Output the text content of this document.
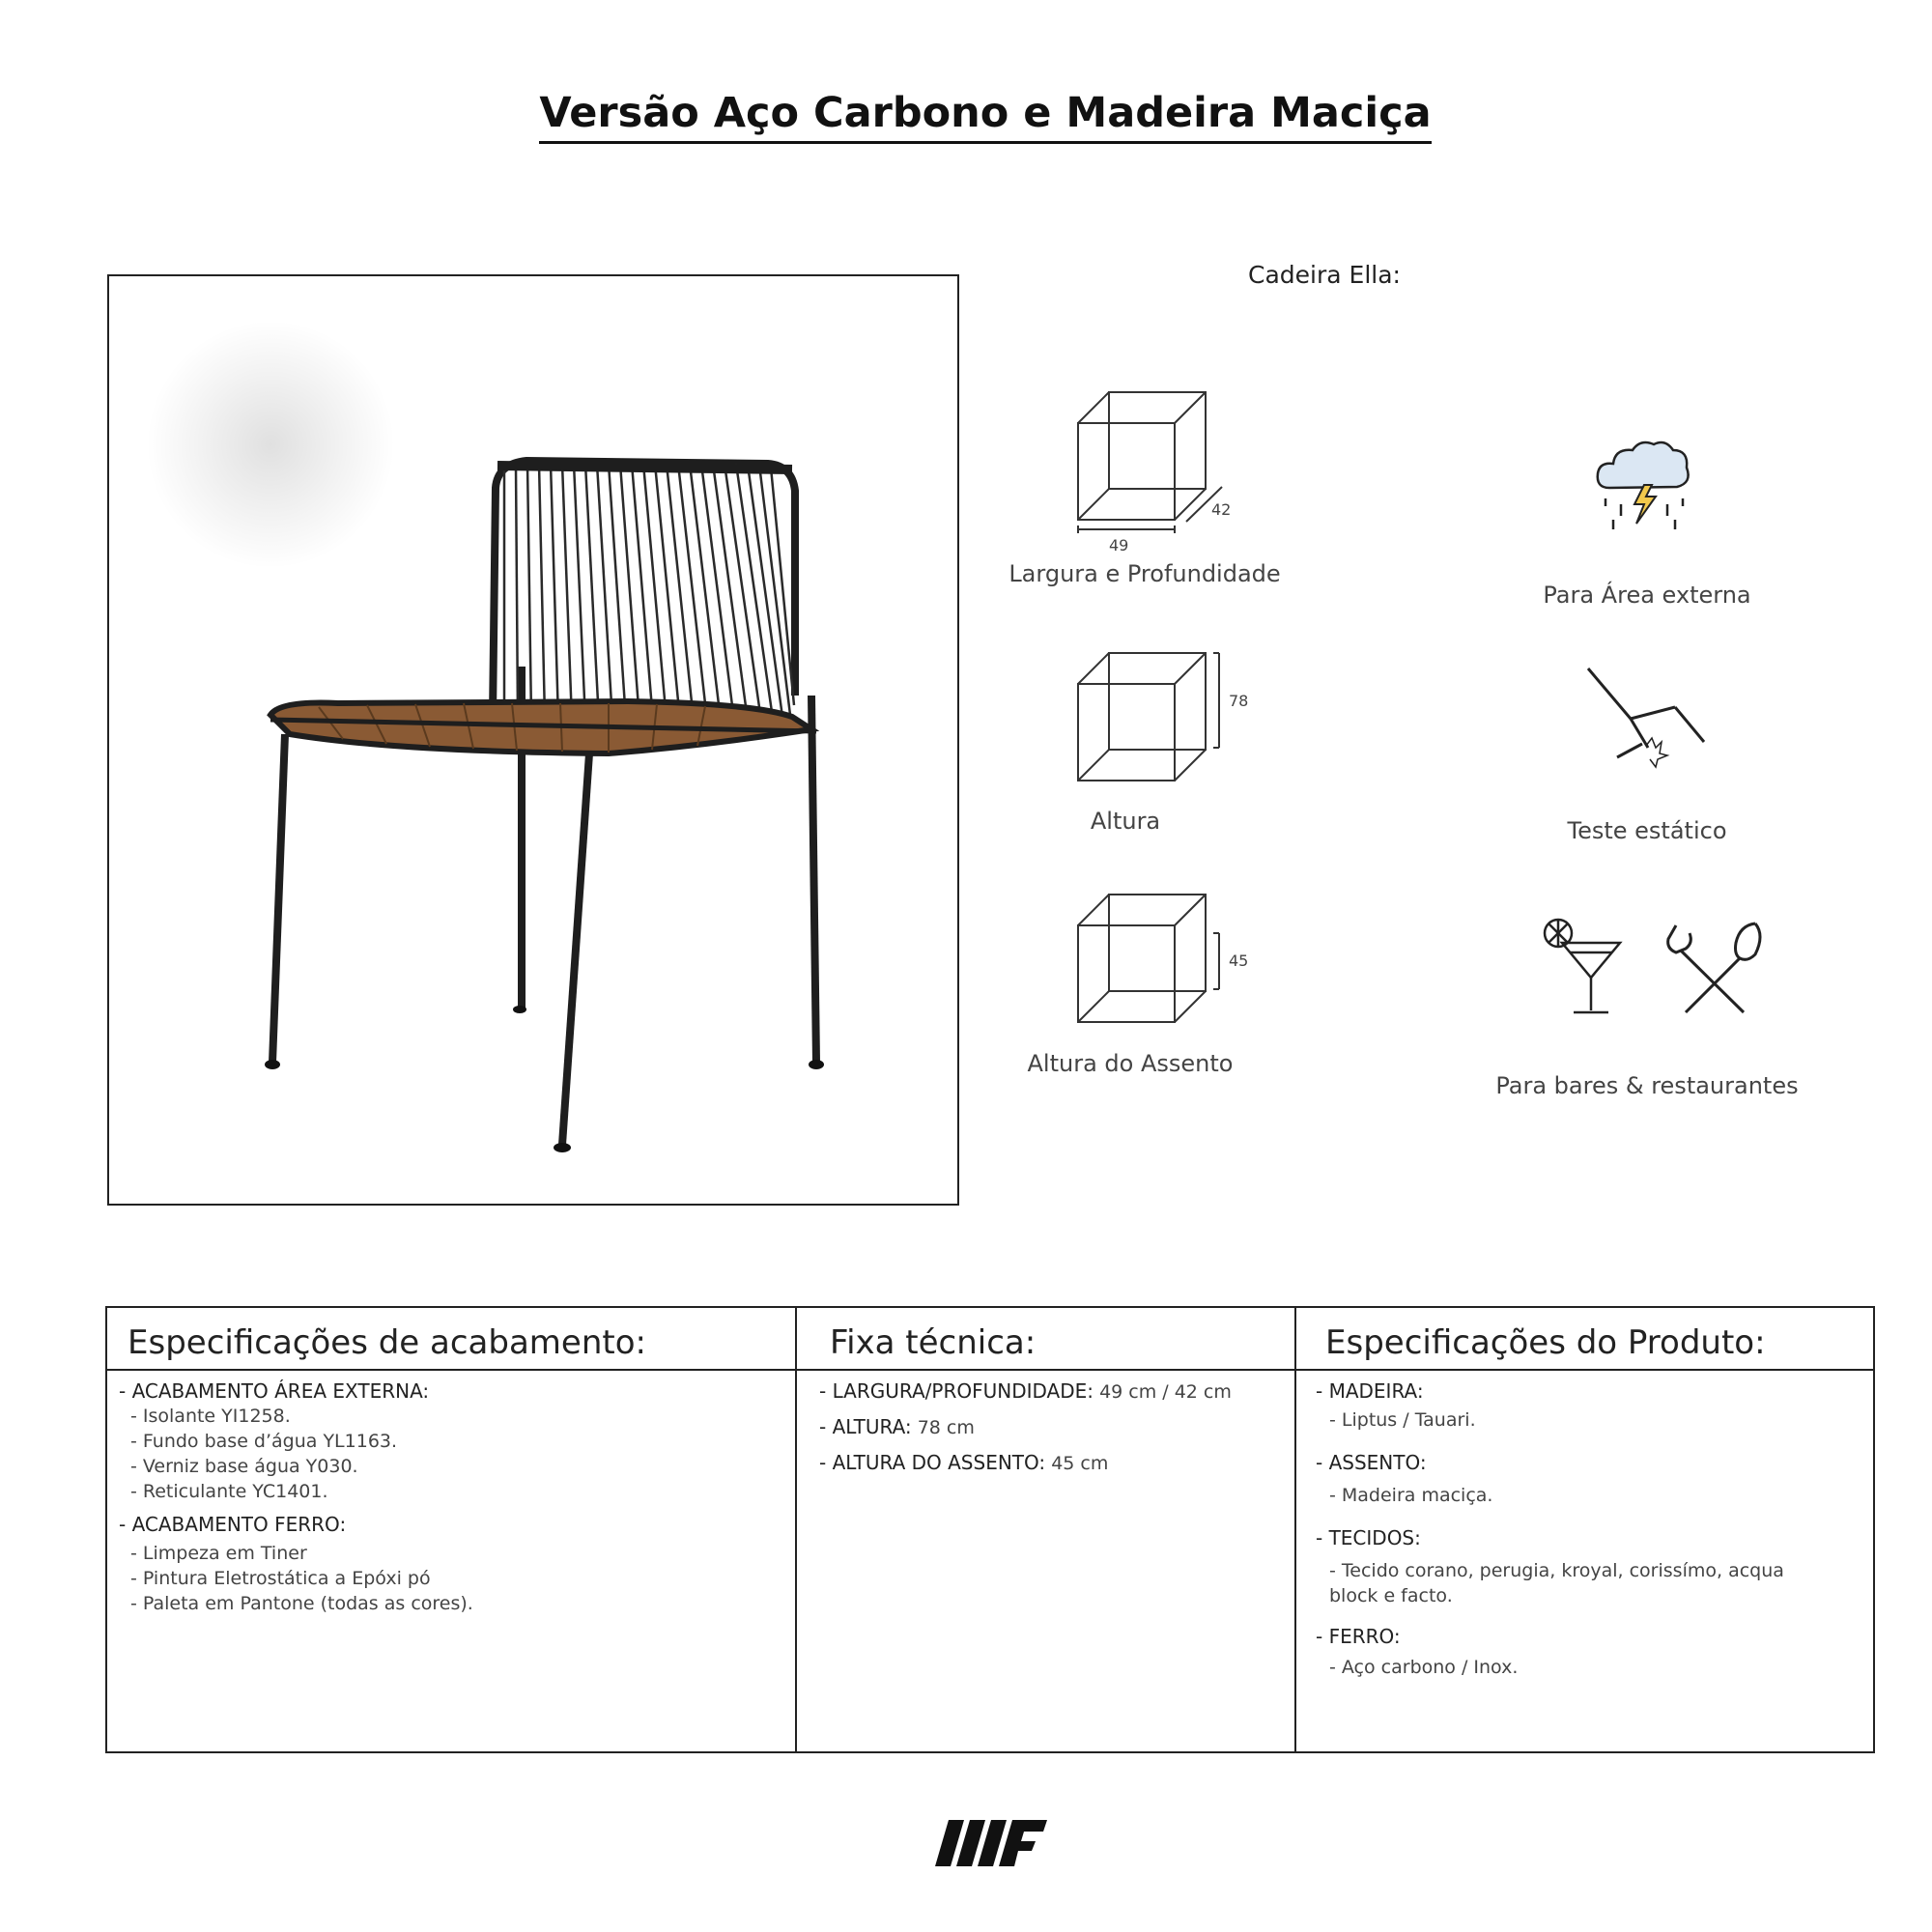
Versão Aço Carbono e Madeira Maciça
Cadeira Ella:
49
42
Largura e Profundidade
78
Altura
45
Altura do Assento
Para Área externa
Teste estático
Para bares & restaurantes
Especificações de acabamento:	Fixa técnica:	Especificações do Produto:
- ACABAMENTO ÁREA EXTERNA:
- Isolante YI1258.
- Fundo base d’água YL1163.
- Verniz base água Y030.
- Reticulante YC1401.
- ACABAMENTO FERRO:
- Limpeza em Tiner
- Pintura Eletrostática a Epóxi pó
- Paleta em Pantone (todas as cores).
- LARGURA/PROFUNDIDADE: 49 cm / 42 cm
- ALTURA: 78 cm
- ALTURA DO ASSENTO: 45 cm
- MADEIRA:
- Liptus / Tauari.
- ASSENTO:
- Madeira maciça.
- TECIDOS:
- Tecido corano, perugia, kroyal, corissímo, acqua
block e facto.
- FERRO:
- Aço carbono / Inox.
